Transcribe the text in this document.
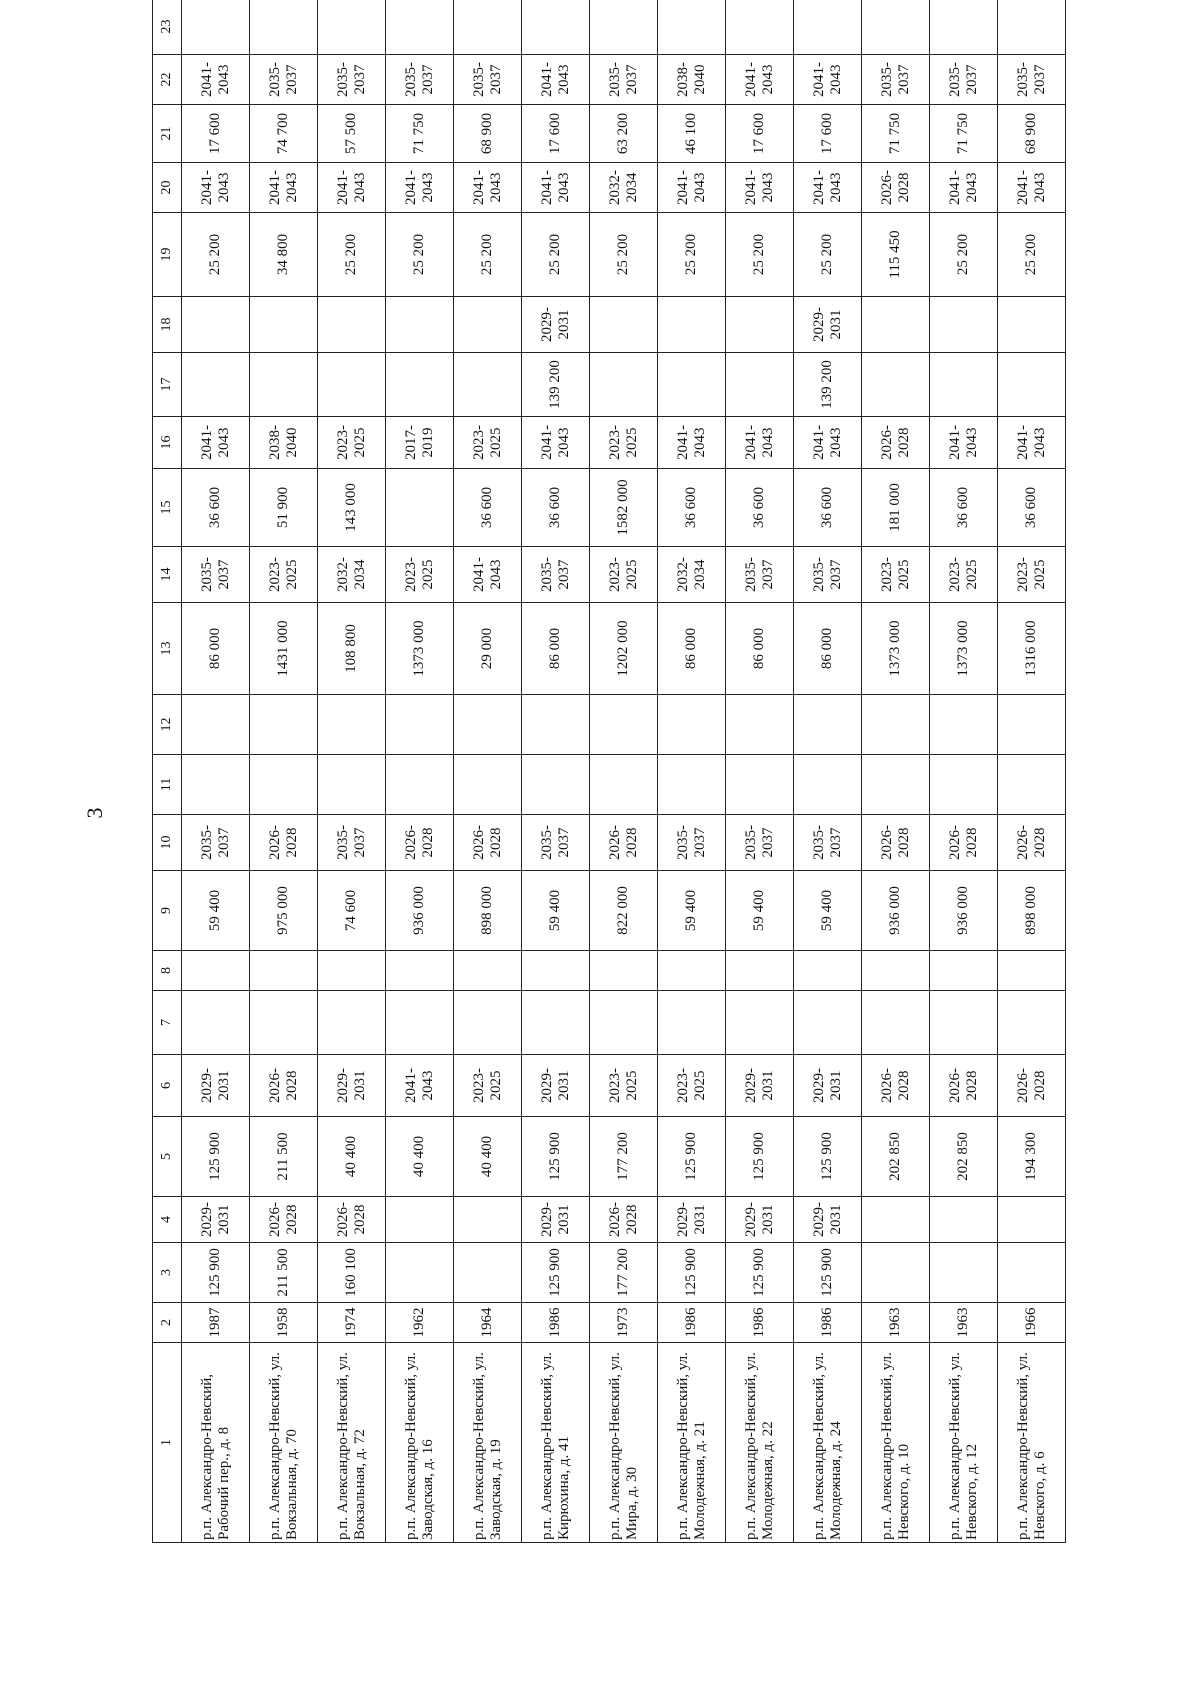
3
1	2	3	4	5	6	7	8	9	10	11	12	13	14	15	16	17	18	19	20	21	22	23	
р.п. Александро-Невский, Рабочий пер., д. 8	1987	125 900	2029-2031	125 900	2029-2031			59 400	2035-2037			86 000	2035-2037	36 600	2041-2043			25 200	2041-2043	17 600	2041-2043		
р.п. Александро-Невский, ул. Вокзальная, д. 70	1958	211 500	2026-2028	211 500	2026-2028			975 000	2026-2028			1431 000	2023-2025	51 900	2038-2040			34 800	2041-2043	74 700	2035-2037		
р.п. Александро-Невский, ул. Вокзальная, д. 72	1974	160 100	2026-2028	40 400	2029-2031			74 600	2035-2037			108 800	2032-2034	143 000	2023-2025			25 200	2041-2043	57 500	2035-2037		
р.п. Александро-Невский, ул. Заводская, д. 16	1962			40 400	2041-2043			936 000	2026-2028			1373 000	2023-2025		2017-2019			25 200	2041-2043	71 750	2035-2037		
р.п. Александро-Невский, ул. Заводская, д. 19	1964			40 400	2023-2025			898 000	2026-2028			29 000	2041-2043	36 600	2023-2025			25 200	2041-2043	68 900	2035-2037		
р.п. Александро-Невский, ул. Кирюхина, д. 41	1986	125 900	2029-2031	125 900	2029-2031			59 400	2035-2037			86 000	2035-2037	36 600	2041-2043	139 200	2029-2031	25 200	2041-2043	17 600	2041-2043		
р.п. Александро-Невский, ул. Мира, д. 30	1973	177 200	2026-2028	177 200	2023-2025			822 000	2026-2028			1202 000	2023-2025	1582 000	2023-2025			25 200	2032-2034	63 200	2035-2037		
р.п. Александро-Невский, ул. Молодежная, д. 21	1986	125 900	2029-2031	125 900	2023-2025			59 400	2035-2037			86 000	2032-2034	36 600	2041-2043			25 200	2041-2043	46 100	2038-2040		
р.п. Александро-Невский, ул. Молодежная, д. 22	1986	125 900	2029-2031	125 900	2029-2031			59 400	2035-2037			86 000	2035-2037	36 600	2041-2043			25 200	2041-2043	17 600	2041-2043		
р.п. Александро-Невский, ул. Молодежная, д. 24	1986	125 900	2029-2031	125 900	2029-2031			59 400	2035-2037			86 000	2035-2037	36 600	2041-2043	139 200	2029-2031	25 200	2041-2043	17 600	2041-2043		
р.п. Александро-Невский, ул. Невского, д. 10	1963			202 850	2026-2028			936 000	2026-2028			1373 000	2023-2025	181 000	2026-2028			115 450	2026-2028	71 750	2035-2037		
р.п. Александро-Невский, ул. Невского, д. 12	1963			202 850	2026-2028			936 000	2026-2028			1373 000	2023-2025	36 600	2041-2043			25 200	2041-2043	71 750	2035-2037		
р.п. Александро-Невский, ул. Невского, д. 6	1966			194 300	2026-2028			898 000	2026-2028			1316 000	2023-2025	36 600	2041-2043			25 200	2041-2043	68 900	2035-2037		
